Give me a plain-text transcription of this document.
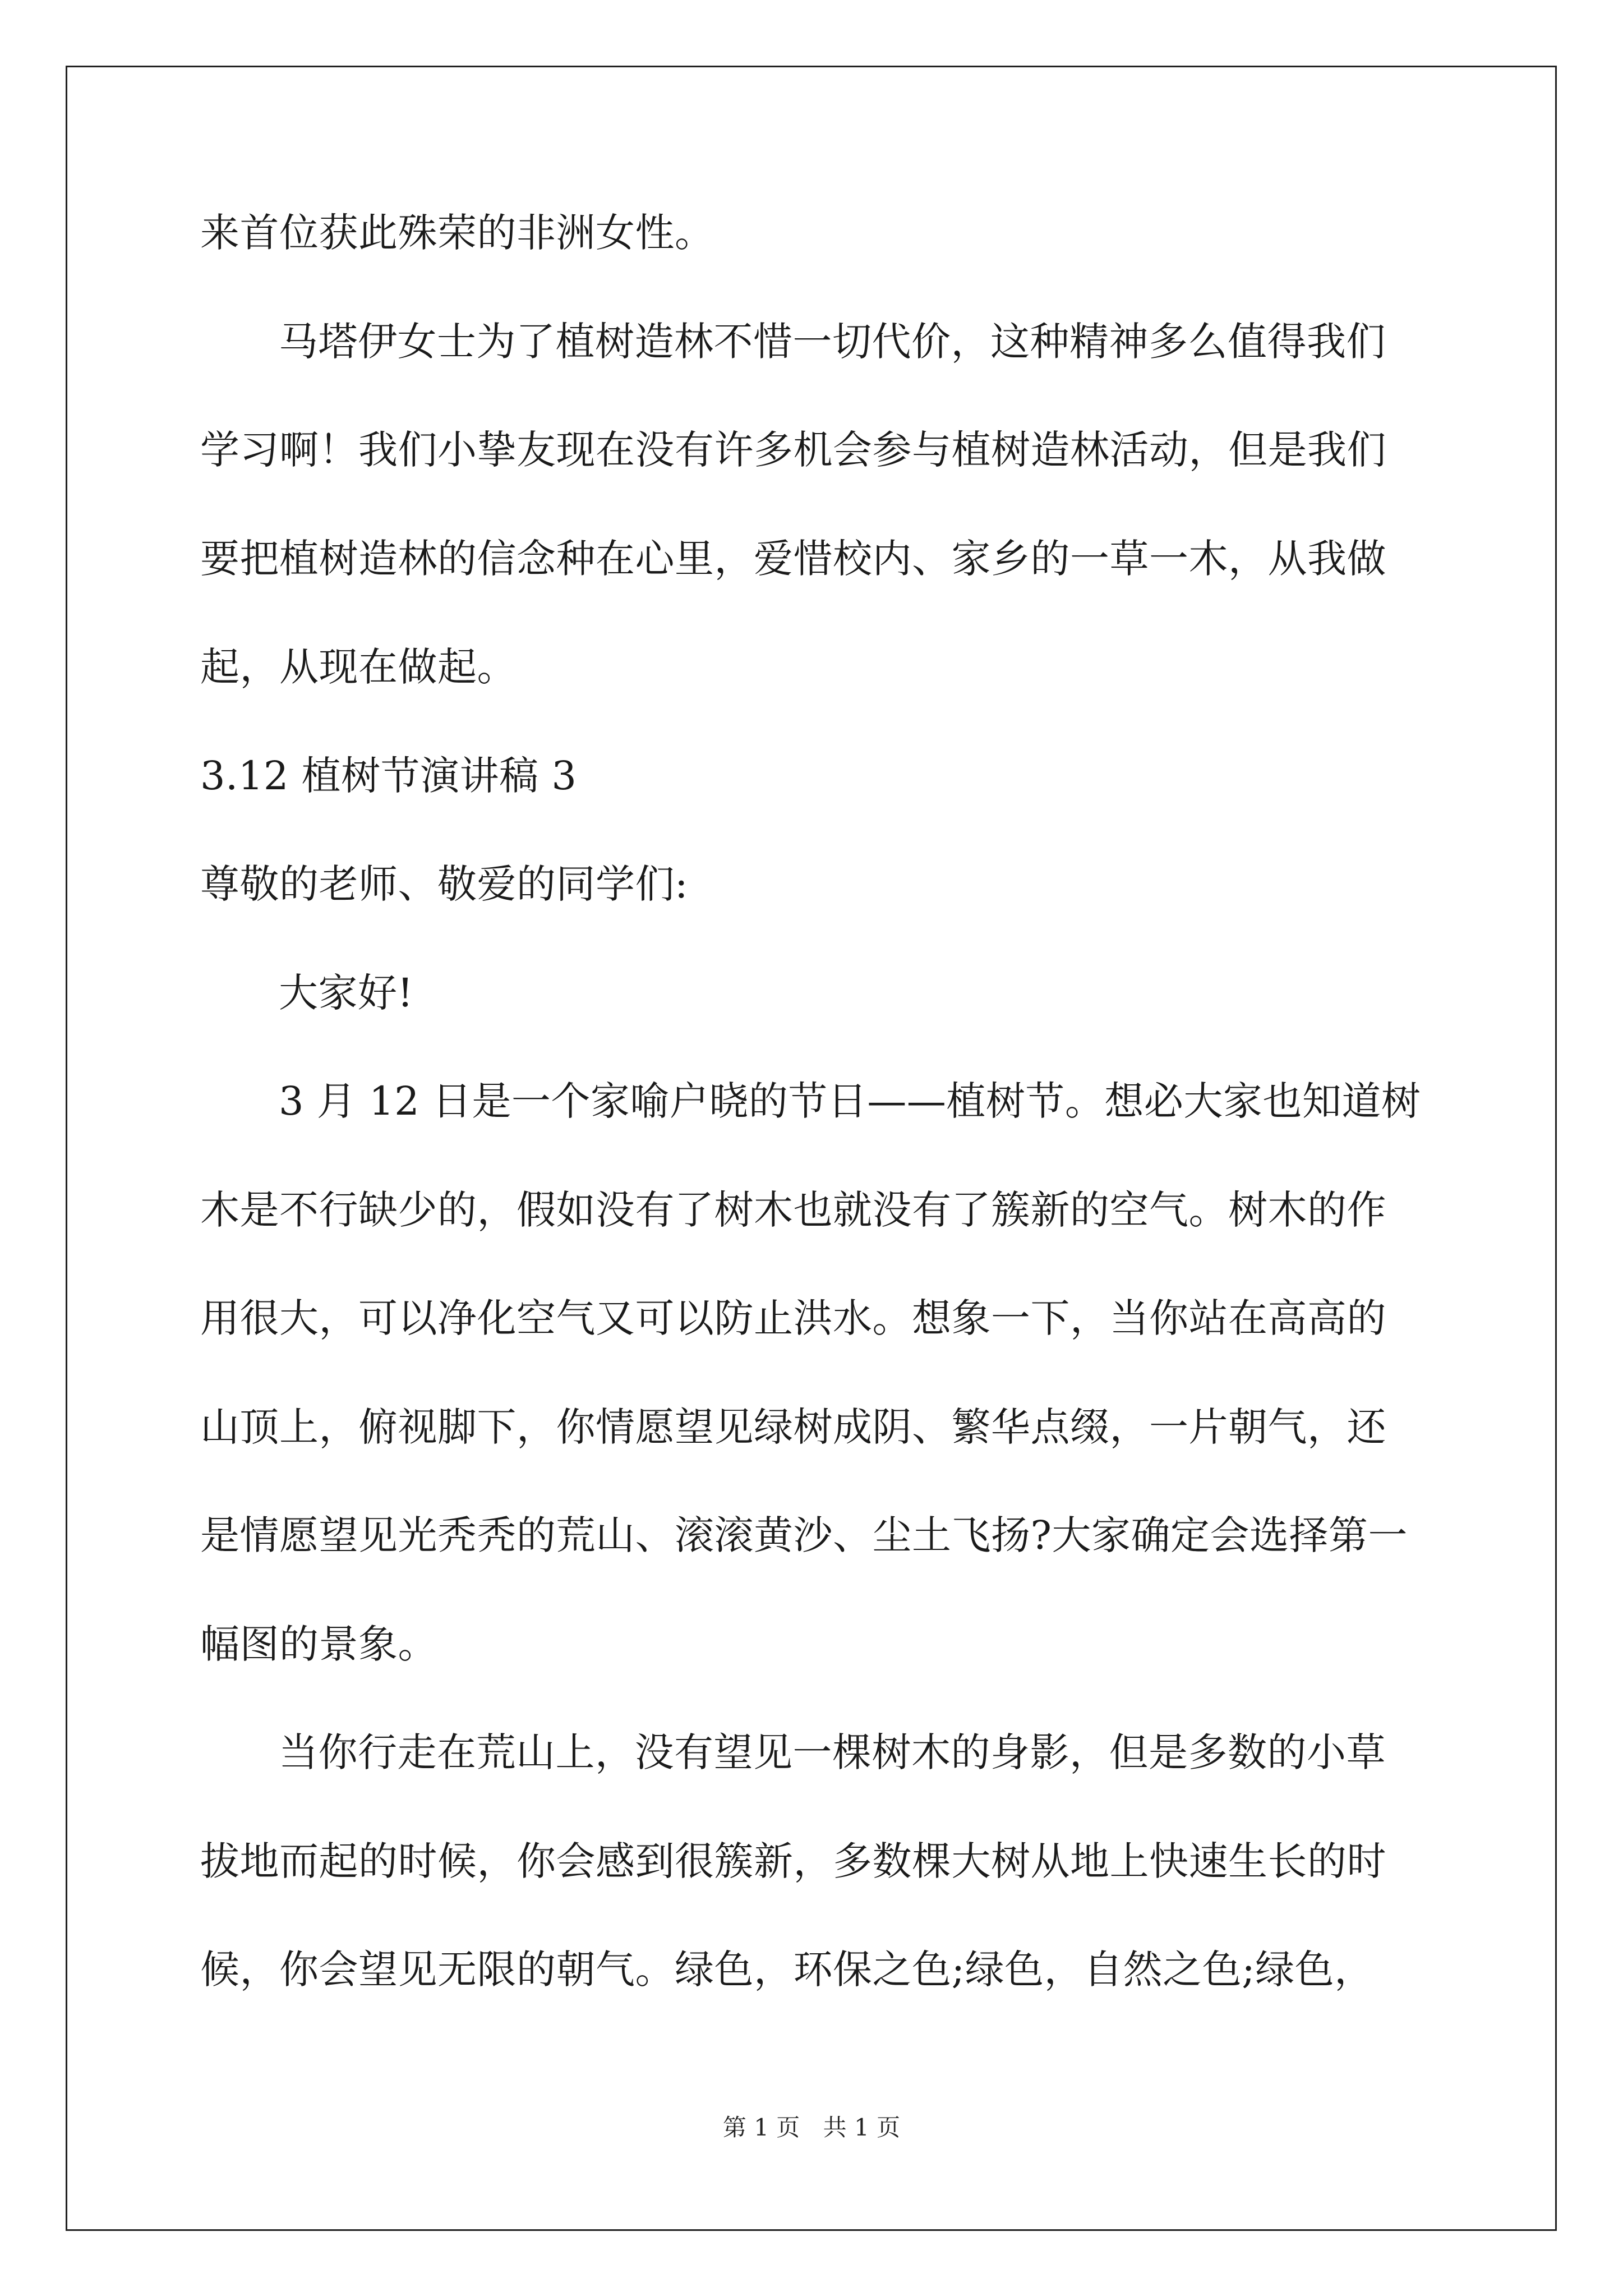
来首位获此殊荣的非洲女性。
马塔伊女士为了植树造林不惜一切代价，这种精神多么值得我们
学习啊！我们小挚友现在没有许多机会参与植树造林活动，但是我们
要把植树造林的信念种在心里，爱惜校内、家乡的一草一木，从我做
起，从现在做起。
3.12 植树节演讲稿 3
尊敬的老师、敬爱的同学们:
大家好!
3 月 12 日是一个家喻户晓的节日——植树节。想必大家也知道树
木是不行缺少的，假如没有了树木也就没有了簇新的空气。树木的作
用很大，可以净化空气又可以防止洪水。想象一下，当你站在高高的
山顶上，俯视脚下，你情愿望见绿树成阴、繁华点缀，一片朝气，还
是情愿望见光秃秃的荒山、滚滚黄沙、尘土飞扬?大家确定会选择第一
幅图的景象。
当你行走在荒山上，没有望见一棵树木的身影，但是多数的小草
拔地而起的时候，你会感到很簇新，多数棵大树从地上快速生长的时
候，你会望见无限的朝气。绿色，环保之色;绿色，自然之色;绿色，
第 1 页 共 1 页
